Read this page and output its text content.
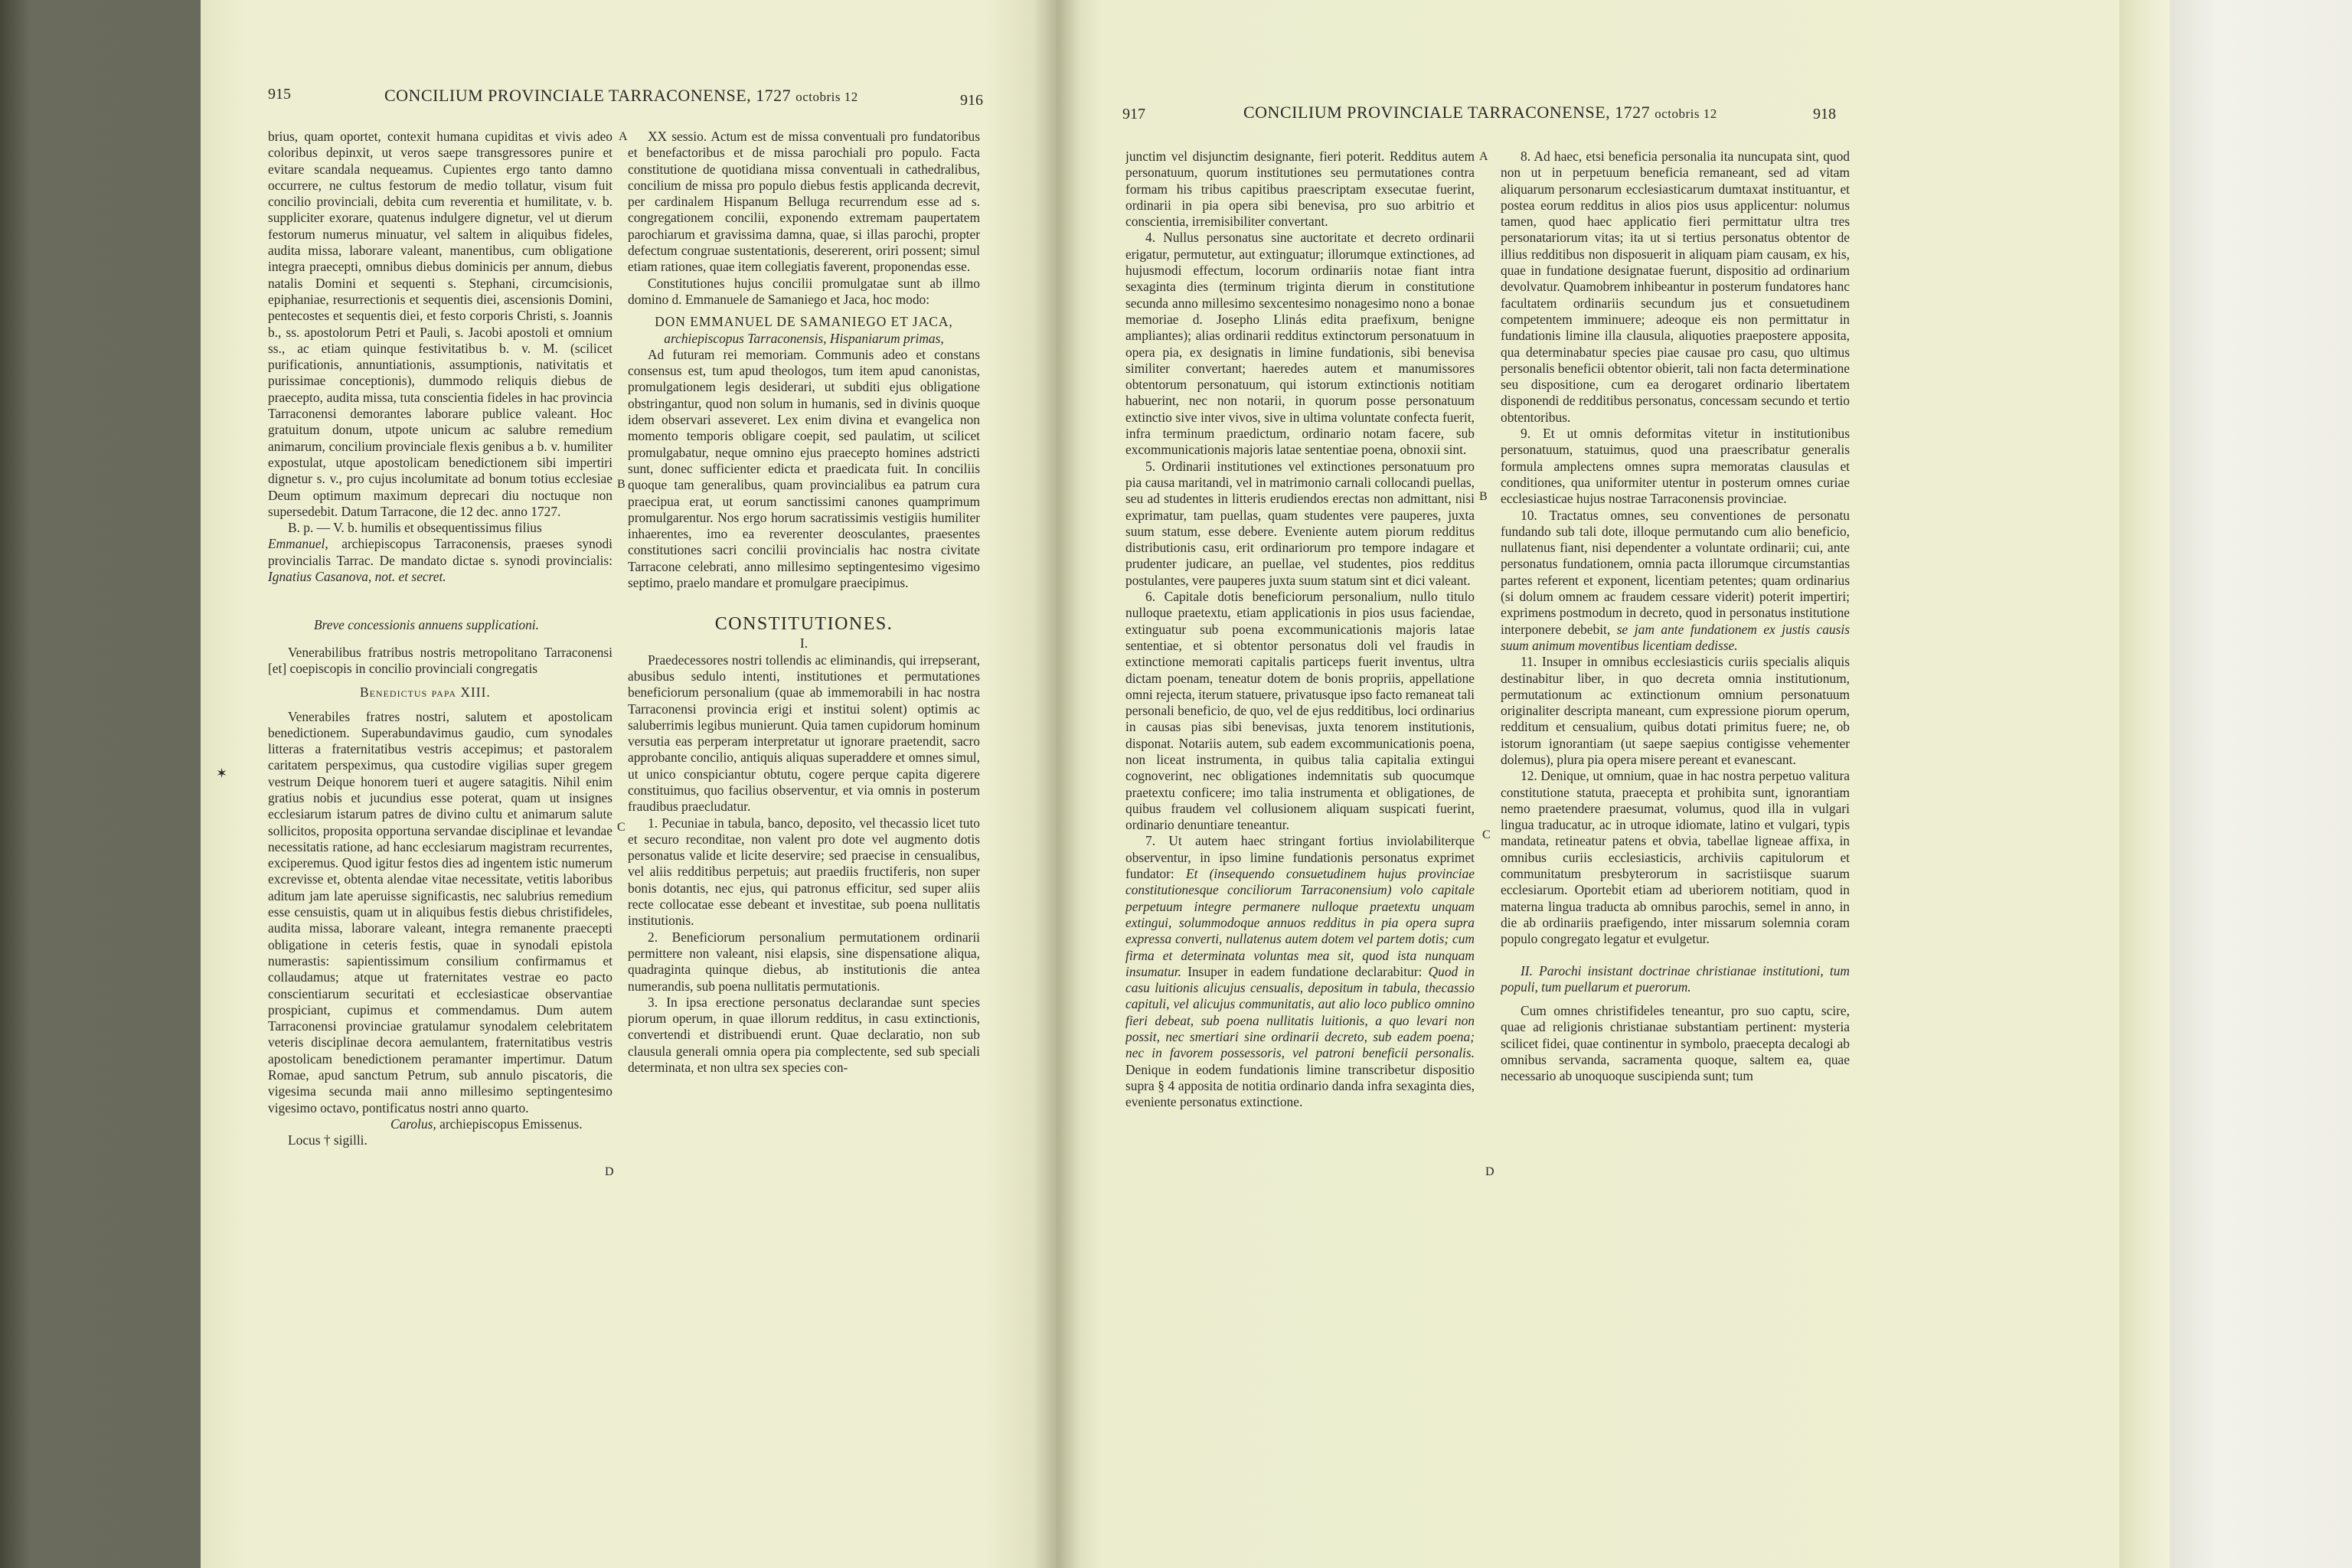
915	CONCILIUM PROVINCIALE TARRACONENSE, 1727 octobris 12	916
917	CONCILIUM PROVINCIALE TARRACONENSE, 1727 octobris 12	918
A
B
C
D
A
B
C
D

brius, quam oportet, contexit humana cupiditas et vivis adeo coloribus depinxit, ut veros saepe transgressores punire et evitare scandala nequeamus. Cupientes ergo tanto damno occurrere, ne cultus festorum de medio tollatur, visum fuit concilio provinciali, debita cum reverentia et humilitate, v. b. suppliciter exorare, quatenus indulgere dignetur, vel ut dierum festorum numerus minuatur, vel saltem in aliquibus fideles, audita missa, laborare valeant, manentibus, cum obligatione integra praecepti, omnibus diebus dominicis per annum, diebus natalis Domini et sequenti s. Stephani, circumcisionis, epiphaniae, resurrectionis et sequentis diei, ascensionis Domini, pentecostes et sequentis diei, et festo corporis Christi, s. Joannis b., ss. apostolorum Petri et Pauli, s. Jacobi apostoli et omnium ss., ac etiam quinque festivitatibus b. v. M. (scilicet purificationis, annuntiationis, assumptionis, nativitatis et purissimae conceptionis), dummodo reliquis diebus de praecepto, audita missa, tuta conscientia fideles in hac provincia Tarraconensi demorantes laborare publice valeant. Hoc gratuitum donum, utpote unicum ac salubre remedium animarum, concilium provinciale flexis genibus a b. v. humiliter expostulat, utque apostolicam benedictionem sibi impertiri dignetur s. v., pro cujus incolumitate ad bonum totius ecclesiae Deum optimum maximum deprecari diu noctuque non supersedebit. Datum Tarracone, die 12 dec. anno 1727.

B. p. — V. b. humilis et obsequentissimus filius

Emmanuel, archiepiscopus Tarraconensis, praeses synodi provincialis Tarrac. De mandato dictae s. synodi provincialis: Ignatius Casanova, not. et secret.

Breve concessionis annuens supplicationi.

Venerabilibus fratribus nostris metropolitano Tarraconensi [et] coepiscopis in concilio provinciali congregatis

Benedictus papa XIII.

Venerabiles fratres nostri, salutem et apostolicam benedictionem. Superabundavimus gaudio, cum synodales litteras a fraternitatibus vestris accepimus; et pastoralem caritatem perspeximus, qua custodire vigilias super gregem vestrum Deique honorem tueri et augere satagitis. Nihil enim gratius nobis et jucundius esse poterat, quam ut insignes ecclesiarum istarum patres de divino cultu et animarum salute sollicitos, proposita opportuna servandae disciplinae et levandae necessitatis ratione, ad hanc ecclesiarum magistram recurrentes, exciperemus. Quod igitur festos dies ad ingentem istic numerum excrevisse et, obtenta alendae vitae necessitate, vetitis laboribus aditum jam late aperuisse significastis, nec salubrius remedium esse censuistis, quam ut in aliquibus festis diebus christifideles, audita missa, laborare valeant, integra remanente praecepti obligatione in ceteris festis, quae in synodali epistola numerastis: sapientissimum consilium confirmamus et collaudamus; atque ut fraternitates vestrae eo pacto conscientiarum securitati et ecclesiasticae observantiae prospiciant, cupimus et commendamus. Dum autem Tarraconensi provinciae gratulamur synodalem celebritatem veteris disciplinae decora aemulantem, fraternitatibus vestris apostolicam benedictionem peramanter impertimur. Datum Romae, apud sanctum Petrum, sub annulo piscatoris, die vigesima secunda maii anno millesimo septingentesimo vigesimo octavo, pontificatus nostri anno quarto.

Carolus, archiepiscopus Emissenus.

Locus † sigilli.

✶

XX sessio. Actum est de missa conventuali pro fundatoribus et benefactoribus et de missa parochiali pro populo. Facta constitutione de quotidiana missa conventuali in cathedralibus, concilium de missa pro populo diebus festis applicanda decrevit, per cardinalem Hispanum Belluga recurrendum esse ad s. congregationem concilii, exponendo extremam paupertatem parochiarum et gravissima damna, quae, si illas parochi, propter defectum congruae sustentationis, desererent, oriri possent; simul etiam rationes, quae item collegiatis faverent, proponendas esse.

Constitutiones hujus concilii promulgatae sunt ab illmo domino d. Emmanuele de Samaniego et Jaca, hoc modo:

DON EMMANUEL DE SAMANIEGO ET JACA,

archiepiscopus Tarraconensis, Hispaniarum primas,

Ad futuram rei memoriam. Communis adeo et constans consensus est, tum apud theologos, tum item apud canonistas, promulgationem legis desiderari, ut subditi ejus obligatione obstringantur, quod non solum in humanis, sed in divinis quoque idem observari asseveret. Lex enim divina et evangelica non momento temporis obligare coepit, sed paulatim, ut scilicet promulgabatur, neque omnino ejus praecepto homines adstricti sunt, donec sufficienter edicta et praedicata fuit. In conciliis quoque tam generalibus, quam provincialibus ea patrum cura praecipua erat, ut eorum sanctissimi canones quamprimum promulgarentur. Nos ergo horum sacratissimis vestigiis humiliter inhaerentes, imo ea reverenter deosculantes, praesentes constitutiones sacri concilii provincialis hac nostra civitate Tarracone celebrati, anno millesimo septingentesimo vigesimo septimo, praelo mandare et promulgare praecipimus.

CONSTITUTIONES.

I.

Praedecessores nostri tollendis ac eliminandis, qui irrepserant, abusibus sedulo intenti, institutiones et permutationes beneficiorum personalium (quae ab immemorabili in hac nostra Tarraconensi provincia erigi et institui solent) optimis ac saluberrimis legibus munierunt. Quia tamen cupidorum hominum versutia eas perperam interpretatur ut ignorare praetendit, sacro approbante concilio, antiquis aliquas superaddere et omnes simul, ut unico conspiciantur obtutu, cogere perque capita digerere constituimus, quo facilius observentur, et via omnis in posterum fraudibus praecludatur.

1. Pecuniae in tabula, banco, deposito, vel thecassio licet tuto et securo reconditae, non valent pro dote vel augmento dotis personatus valide et licite deservire; sed praecise in censualibus, vel aliis redditibus perpetuis; aut praediis fructiferis, non super bonis dotantis, nec ejus, qui patronus efficitur, sed super aliis recte collocatae esse debeant et investitae, sub poena nullitatis institutionis.

2. Beneficiorum personalium permutationem ordinarii permittere non valeant, nisi elapsis, sine dispensatione aliqua, quadraginta quinque diebus, ab institutionis die antea numerandis, sub poena nullitatis permutationis.

3. In ipsa erectione personatus declarandae sunt species piorum operum, in quae illorum redditus, in casu extinctionis, convertendi et distribuendi erunt. Quae declaratio, non sub clausula generali omnia opera pia complectente, sed sub speciali determinata, et non ultra sex species con-

junctim vel disjunctim designante, fieri poterit. Redditus autem personatuum, quorum institutiones seu permutationes contra formam his tribus capitibus praescriptam exsecutae fuerint, ordinarii in pia opera sibi benevisa, pro suo arbitrio et conscientia, irremisibiliter convertant.

4. Nullus personatus sine auctoritate et decreto ordinarii erigatur, permutetur, aut extinguatur; illorumque extinctiones, ad hujusmodi effectum, locorum ordinariis notae fiant intra sexaginta dies (terminum triginta dierum in constitutione secunda anno millesimo sexcentesimo nonagesimo nono a bonae memoriae d. Josepho Llinás edita praefixum, benigne ampliantes); alias ordinarii redditus extinctorum personatuum in opera pia, ex designatis in limine fundationis, sibi benevisa similiter convertant; haeredes autem et manumissores obtentorum personatuum, qui istorum extinctionis notitiam habuerint, nec non notarii, in quorum posse personatuum extinctio sive inter vivos, sive in ultima voluntate confecta fuerit, infra terminum praedictum, ordinario notam facere, sub excommunicationis majoris latae sententiae poena, obnoxii sint.

5. Ordinarii institutiones vel extinctiones personatuum pro pia causa maritandi, vel in matrimonio carnali collocandi puellas, seu ad studentes in litteris erudiendos erectas non admittant, nisi exprimatur, tam puellas, quam studentes vere pauperes, juxta suum statum, esse debere. Eveniente autem piorum redditus distributionis casu, erit ordinariorum pro tempore indagare et prudenter judicare, an puellae, vel studentes, pios redditus postulantes, vere pauperes juxta suum statum sint et dici valeant.

6. Capitale dotis beneficiorum personalium, nullo titulo nulloque praetextu, etiam applicationis in pios usus faciendae, extinguatur sub poena excommunicationis majoris latae sententiae, et si obtentor personatus doli vel fraudis in extinctione memorati capitalis particeps fuerit inventus, ultra dictam poenam, teneatur dotem de bonis propriis, appellatione omni rejecta, iterum statuere, privatusque ipso facto remaneat tali personali beneficio, de quo, vel de ejus redditibus, loci ordinarius in causas pias sibi benevisas, juxta tenorem institutionis, disponat. Notariis autem, sub eadem excommunicationis poena, non liceat instrumenta, in quibus talia capitalia extingui cognoverint, nec obligationes indemnitatis sub quocumque praetextu conficere; imo talia instrumenta et obligationes, de quibus fraudem vel collusionem aliquam suspicati fuerint, ordinario denuntiare teneantur.

7. Ut autem haec stringant fortius inviolabiliterque observentur, in ipso limine fundationis personatus exprimet fundator: Et (insequendo consuetudinem hujus provinciae constitutionesque conciliorum Tarraconensium) volo capitale perpetuum integre permanere nulloque praetextu unquam extingui, solummodoque annuos redditus in pia opera supra expressa converti, nullatenus autem dotem vel partem dotis; cum firma et determinata voluntas mea sit, quod ista nunquam insumatur. Insuper in eadem fundatione declarabitur: Quod in casu luitionis alicujus censualis, depositum in tabula, thecassio capituli, vel alicujus communitatis, aut alio loco publico omnino fieri debeat, sub poena nullitatis luitionis, a quo levari non possit, nec smertiari sine ordinarii decreto, sub eadem poena; nec in favorem possessoris, vel patroni beneficii personalis. Denique in eodem fundationis limine transcribetur dispositio supra § 4 apposita de notitia ordinario danda infra sexaginta dies, eveniente personatus extinctione.

8. Ad haec, etsi beneficia personalia ita nuncupata sint, quod non ut in perpetuum beneficia remaneant, sed ad vitam aliquarum personarum ecclesiasticarum dumtaxat instituantur, et postea eorum redditus in alios pios usus applicentur: nolumus tamen, quod haec applicatio fieri permittatur ultra tres personatariorum vitas; ita ut si tertius personatus obtentor de illius redditibus non disposuerit in aliquam piam causam, ex his, quae in fundatione designatae fuerunt, dispositio ad ordinarium devolvatur. Quamobrem inhibeantur in posterum fundatores hanc facultatem ordinariis secundum jus et consuetudinem competentem imminuere; adeoque eis non permittatur in fundationis limine illa clausula, aliquoties praepostere apposita, qua determinabatur species piae causae pro casu, quo ultimus personalis beneficii obtentor obierit, tali non facta determinatione seu dispositione, cum ea derogaret ordinario libertatem disponendi de redditibus personatus, concessam secundo et tertio obtentoribus.

9. Et ut omnis deformitas vitetur in institutionibus personatuum, statuimus, quod una praescribatur generalis formula amplectens omnes supra memoratas clausulas et conditiones, qua uniformiter utentur in posterum omnes curiae ecclesiasticae hujus nostrae Tarraconensis provinciae.

10. Tractatus omnes, seu conventiones de personatu fundando sub tali dote, illoque permutando cum alio beneficio, nullatenus fiant, nisi dependenter a voluntate ordinarii; cui, ante personatus fundationem, omnia pacta illorumque circumstantias partes referent et exponent, licentiam petentes; quam ordinarius (si dolum omnem ac fraudem cessare viderit) poterit impertiri; exprimens postmodum in decreto, quod in personatus institutione interponere debebit, se jam ante fundationem ex justis causis suum animum moventibus licentiam dedisse.

11. Insuper in omnibus ecclesiasticis curiis specialis aliquis destinabitur liber, in quo decreta omnia institutionum, permutationum ac extinctionum omnium personatuum originaliter descripta maneant, cum expressione piorum operum, redditum et censualium, quibus dotati primitus fuere; ne, ob istorum ignorantiam (ut saepe saepius contigisse vehementer dolemus), plura pia opera misere pereant et evanescant.

12. Denique, ut omnium, quae in hac nostra perpetuo valitura constitutione statuta, praecepta et prohibita sunt, ignorantiam nemo praetendere praesumat, volumus, quod illa in vulgari lingua traducatur, ac in utroque idiomate, latino et vulgari, typis mandata, retineatur patens et obvia, tabellae ligneae affixa, in omnibus curiis ecclesiasticis, archiviis capitulorum et communitatum presbyterorum in sacristiisque suarum ecclesiarum. Oportebit etiam ad uberiorem notitiam, quod in materna lingua traducta ab omnibus parochis, semel in anno, in die ab ordinariis praefigendo, inter missarum solemnia coram populo congregato legatur et evulgetur.

II. Parochi insistant doctrinae christianae institutioni, tum populi, tum puellarum et puerorum.

Cum omnes christifideles teneantur, pro suo captu, scire, quae ad religionis christianae substantiam pertinent: mysteria scilicet fidei, quae continentur in symbolo, praecepta decalogi ab omnibus servanda, sacramenta quoque, saltem ea, quae necessario ab unoquoque suscipienda sunt; tum
